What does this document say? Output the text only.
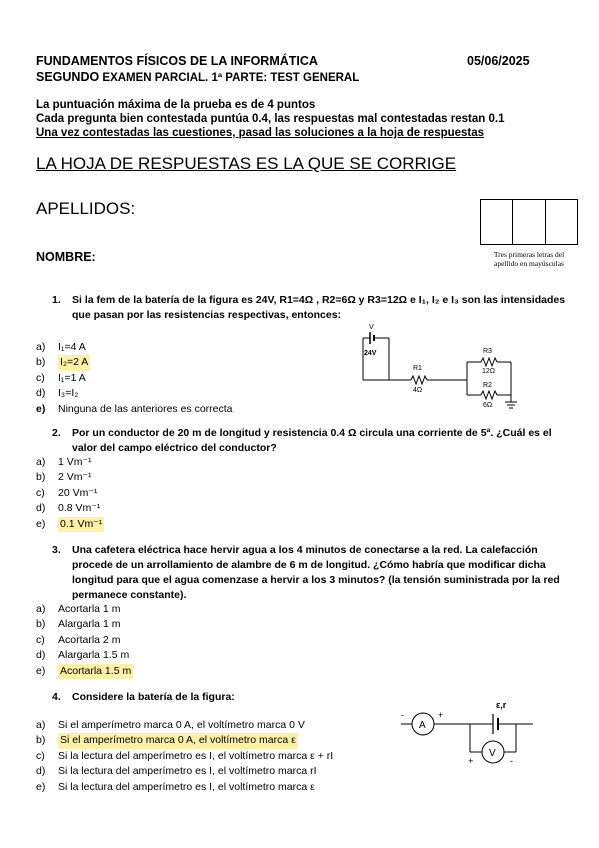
FUNDAMENTOS FÍSICOS DE LA INFORMÁTICA	05/06/2025
SEGUNDO EXAMEN PARCIAL. 1ª PARTE: TEST GENERAL
La puntuación máxima de la prueba es de 4 puntos
Cada pregunta bien contestada puntúa 0.4, las respuestas mal contestadas restan 0.1
Una vez contestadas las cuestiones, pasad las soluciones a la hoja de respuestas
LA HOJA DE RESPUESTAS ES LA QUE SE CORRIGE
APELLIDOS:
Tres primeras letras del
apellido en mayúsculas
NOMBRE:
1. Si la fem de la batería de la figura es 24V, R1=4Ω , R2=6Ω y R3=12Ω e I₁, I₂ e I₃ son las intensidades que pasan por las resistencias respectivas, entonces:
a)	I₁=4 A
b)	I₂=2 A
c)	I₁=1 A
d)	I₃=I₂
e)	Ninguna de las anteriores es correcta
V
24V
R1
4Ω
R3
12Ω
R2
6Ω
2. Por un conductor de 20 m de longitud y resistencia 0.4 Ω circula una corriente de 5ª. ¿Cuál es el valor del campo eléctrico del conductor?
a)	1 Vm⁻¹
b)	2 Vm⁻¹
c)	20 Vm⁻¹
d)	0.8 Vm⁻¹
e)	0.1 Vm⁻¹
3. Una cafetera eléctrica hace hervir agua a los 4 minutos de conectarse a la red. La calefacción procede de un arrollamiento de alambre de 6 m de longitud. ¿Cómo habría que modificar dicha longitud para que el agua comenzase a hervir a los 3 minutos? (la tensión suministrada por la red permanece constante).
a)	Acortarla 1 m
b)	Alargarla 1 m
c)	Acortarla 2 m
d)	Alargarla 1.5 m
e)	Acortarla 1.5 m
4. Considere la batería de la figura:
a)	Si el amperímetro marca 0 A, el voltímetro marca 0 V
b)	Si el amperímetro marca 0 A, el voltímetro marca ε
c)	Si la lectura del amperímetro es I, el voltímetro marca ε + rI
d)	Si la lectura del amperímetro es I, el voltímetro marca rI
e)	Si la lectura del amperímetro es I, el voltímetro marca ε
A
V
ε,r
-	+
+	-
